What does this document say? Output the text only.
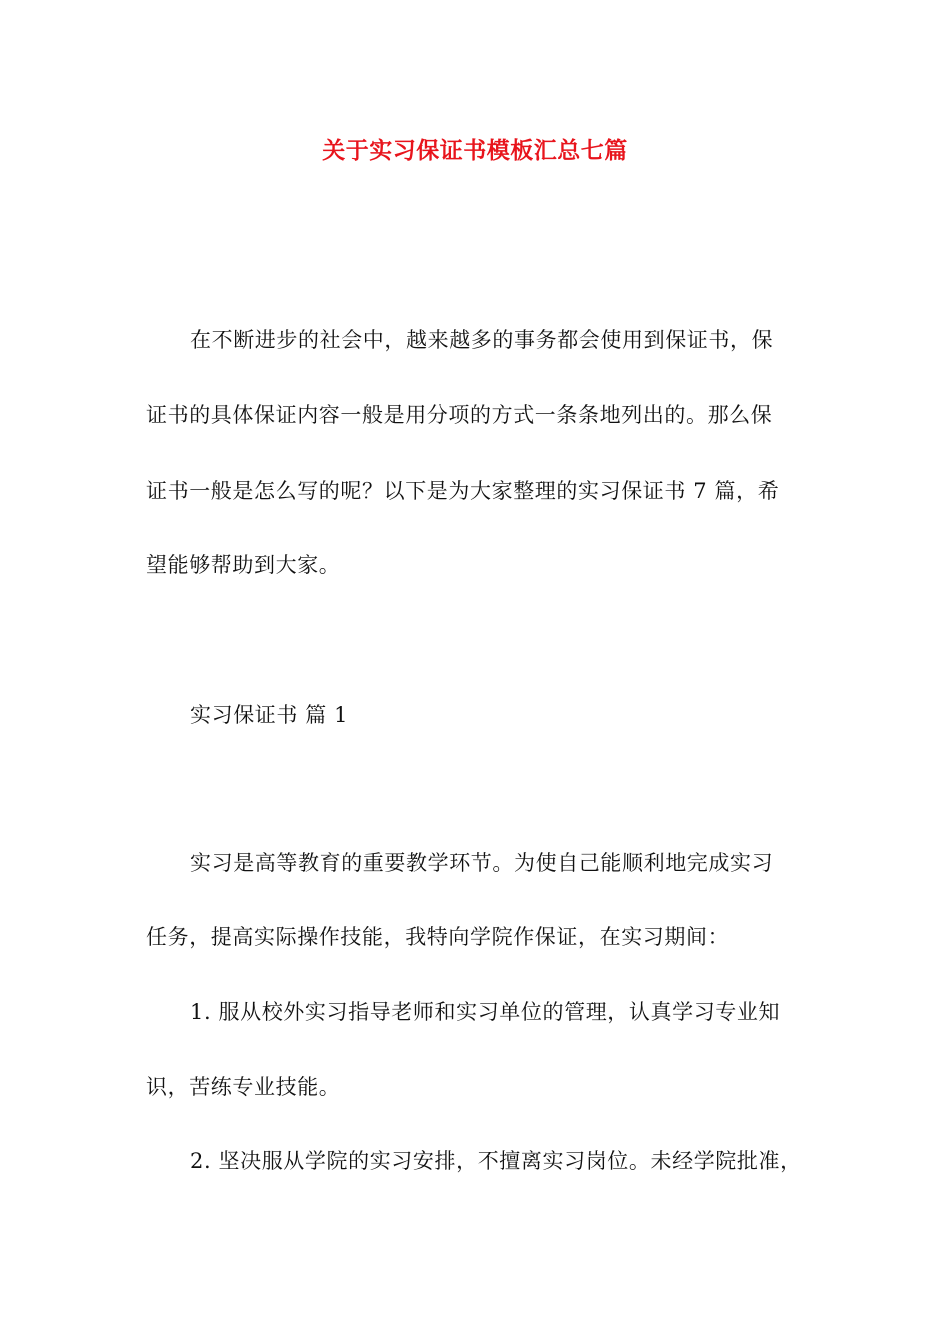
关于实习保证书模板汇总七篇
在不断进步的社会中，越来越多的事务都会使用到保证书，保
证书的具体保证内容一般是用分项的方式一条条地列出的。那么保
证书一般是怎么写的呢？以下是为大家整理的实习保证书 7 篇，希
望能够帮助到大家。
实习保证书 篇 1
实习是高等教育的重要教学环节。为使自己能顺利地完成实习
任务，提高实际操作技能，我特向学院作保证，在实习期间：
1. 服从校外实习指导老师和实习单位的管理，认真学习专业知
识，苦练专业技能。
2. 坚决服从学院的实习安排，不擅离实习岗位。未经学院批准，
